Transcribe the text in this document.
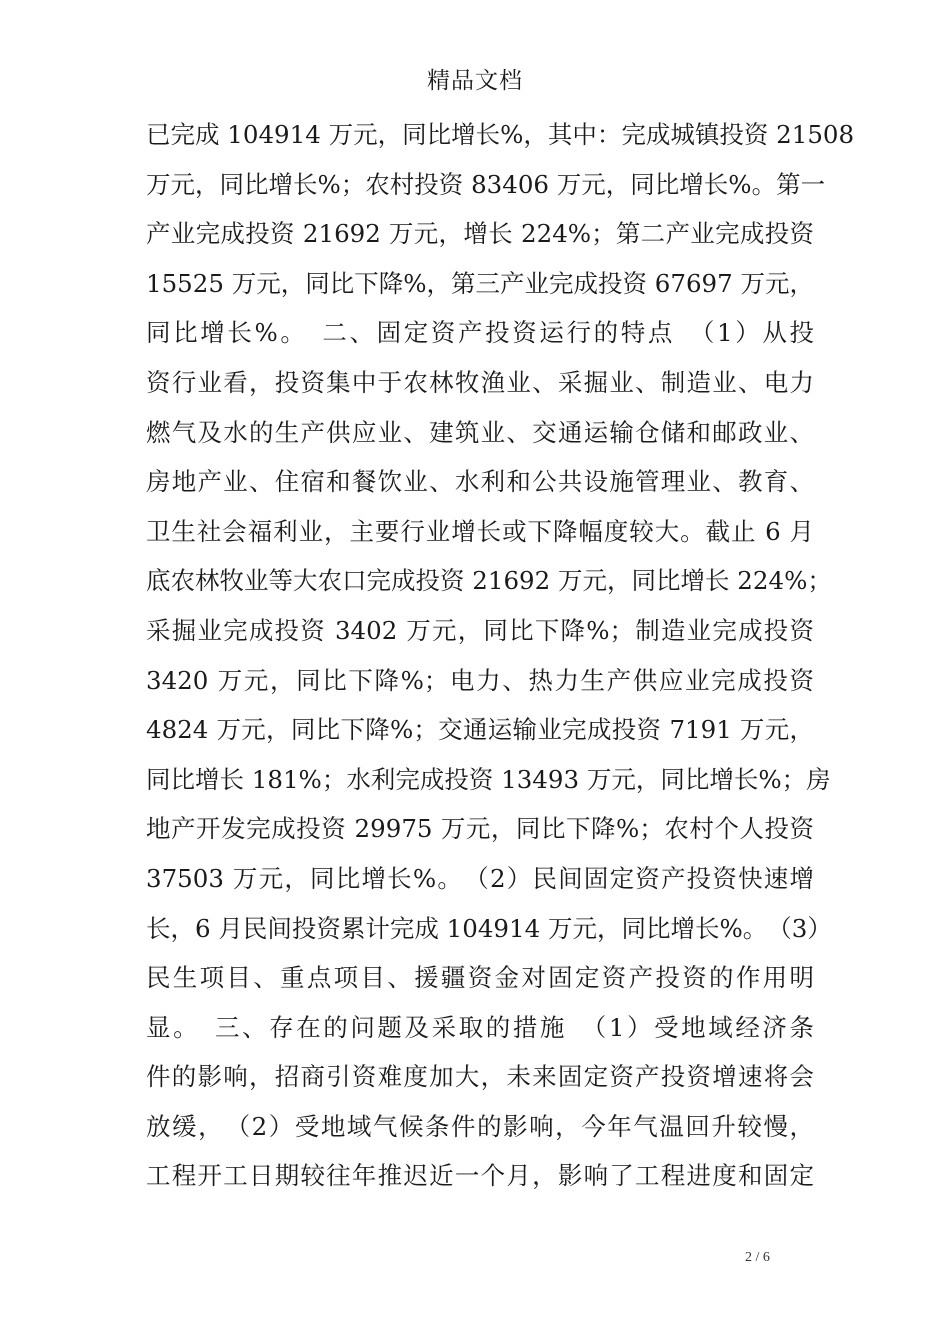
精品文档
已完成 104914 万元，同比增长%，其中：完成城镇投资 21508
万元，同比增长%；农村投资 83406 万元，同比增长%。第一
产业完成投资 21692 万元，增长 224%；第二产业完成投资
15525 万元，同比下降%，第三产业完成投资 67697 万元，
同比增长%。　二、固定资产投资运行的特点　（1）从投
资行业看，投资集中于农林牧渔业、采掘业、制造业、电力
燃气及水的生产供应业、建筑业、交通运输仓储和邮政业、
房地产业、住宿和餐饮业、水利和公共设施管理业、教育、
卫生社会福利业，主要行业增长或下降幅度较大。截止 6 月
底农林牧业等大农口完成投资 21692 万元，同比增长 224%；
采掘业完成投资 3402 万元，同比下降%；制造业完成投资
3420 万元，同比下降%；电力、热力生产供应业完成投资
4824 万元，同比下降%；交通运输业完成投资 7191 万元，
同比增长 181%；水利完成投资 13493 万元，同比增长%；房
地产开发完成投资 29975 万元，同比下降%；农村个人投资
37503 万元，同比增长%。　（2）民间固定资产投资快速增
长，6 月民间投资累计完成 104914 万元，同比增长%。　（3）
民生项目、重点项目、援疆资金对固定资产投资的作用明
显。　三、存在的问题及采取的措施　（1）受地域经济条
件的影响，招商引资难度加大，未来固定资产投资增速将会
放缓，　（2）受地域气候条件的影响，今年气温回升较慢，
工程开工日期较往年推迟近一个月，影响了工程进度和固定
2 / 6
